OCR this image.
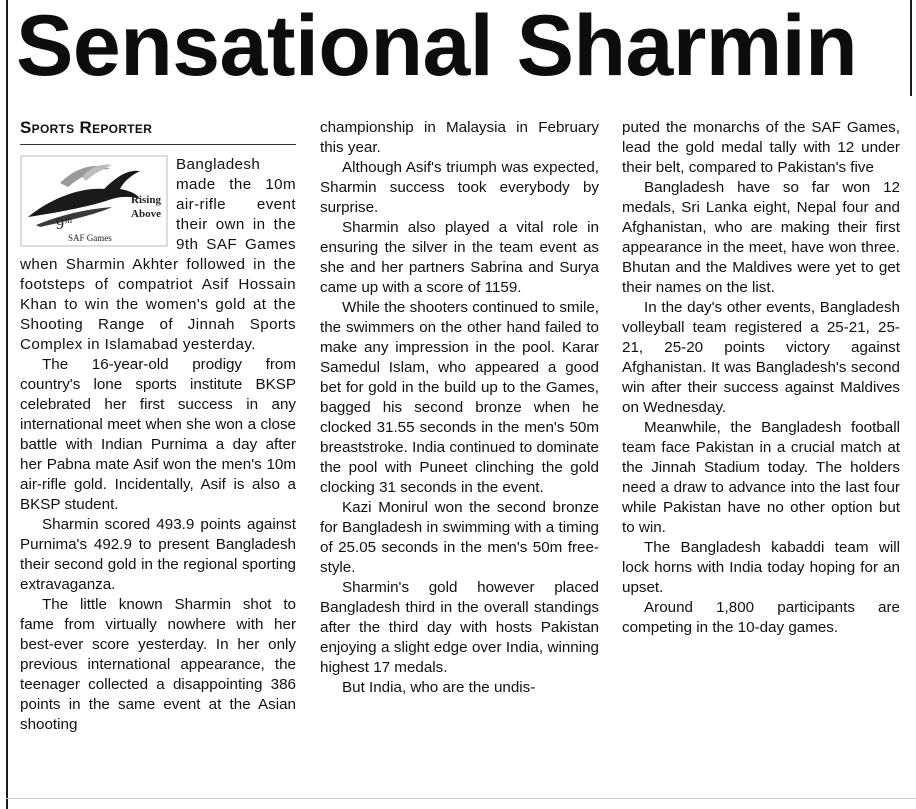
Sensational Sharmin
Sports Reporter
Rising
Above
9 th
SAF Games

Bangladesh made the 10m air-rifle event their own in the 9th SAF Games when Sharmin Akhter followed in the footsteps of compatriot Asif Hossain Khan to win the women's gold at the Shooting Range of Jinnah Sports Complex in Islamabad yesterday.

The 16-year-old prodigy from country's lone sports institute BKSP celebrated her first success in any international meet when she won a close battle with Indian Purnima a day after her Pabna mate Asif won the men's 10m air-rifle gold. Incidentally, Asif is also a BKSP student.

Sharmin scored 493.9 points against Purnima's 492.9 to present Bangladesh their second gold in the regional sporting extravaganza.

The little known Sharmin shot to fame from virtually nowhere with her best-ever score yesterday. In her only previous international appearance, the teenager collected a disappointing 386 points in the same event at the Asian shooting

championship in Malaysia in February this year.

Although Asif's triumph was expected, Sharmin success took everybody by surprise.

Sharmin also played a vital role in ensuring the silver in the team event as she and her partners Sabrina and Surya came up with a score of 1159.

While the shooters continued to smile, the swimmers on the other hand failed to make any impression in the pool. Karar Samedul Islam, who appeared a good bet for gold in the build up to the Games, bagged his second bronze when he clocked 31.55 seconds in the men's 50m breaststroke. India continued to dominate the pool with Puneet clinching the gold clocking 31 seconds in the event.

Kazi Monirul won the second bronze for Bangladesh in swimming with a timing of 25.05 seconds in the men's 50m free-style.

Sharmin's gold however placed Bangladesh third in the overall standings after the third day with hosts Pakistan enjoying a slight edge over India, winning highest 17 medals.

But India, who are the undis-

puted the monarchs of the SAF Games, lead the gold medal tally with 12 under their belt, compared to Pakistan's five

Bangladesh have so far won 12 medals, Sri Lanka eight, Nepal four and Afghanistan, who are making their first appearance in the meet, have won three. Bhutan and the Maldives were yet to get their names on the list.

In the day's other events, Bangladesh volleyball team registered a 25-21, 25-21, 25-20 points victory against Afghanistan. It was Bangladesh's second win after their success against Maldives on Wednesday.

Meanwhile, the Bangladesh football team face Pakistan in a crucial match at the Jinnah Stadium today. The holders need a draw to advance into the last four while Pakistan have no other option but to win.

The Bangladesh kabaddi team will lock horns with India today hoping for an upset.

Around 1,800 participants are competing in the 10-day games.
